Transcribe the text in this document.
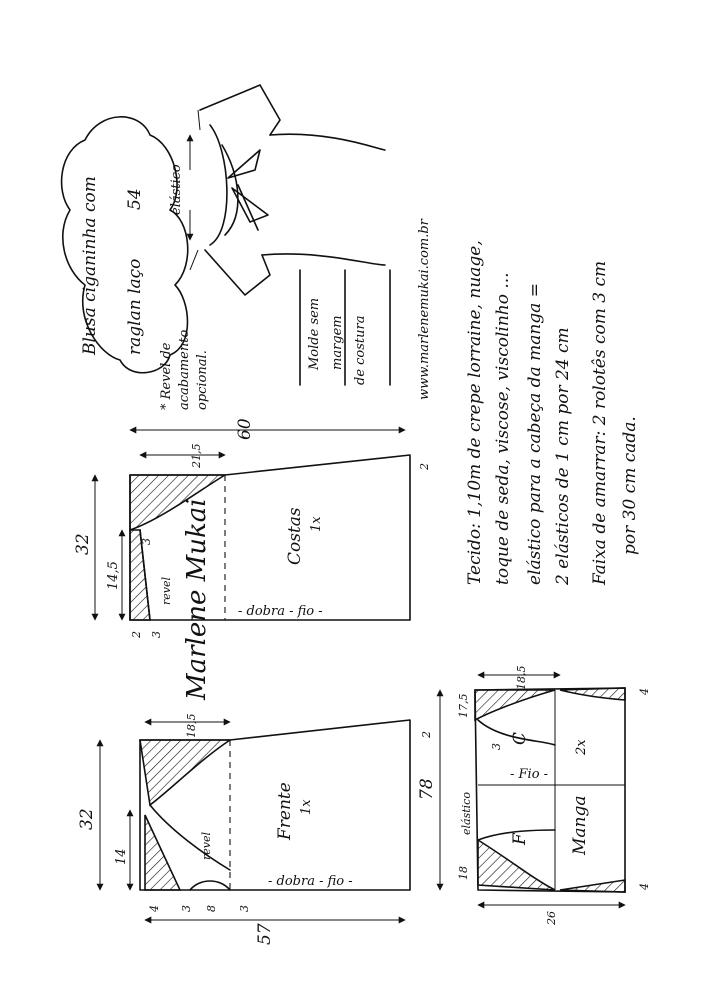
Blusa ciganinha com raglan laço
54 elástico
* Revel de acabamento opcional.
Molde sem margem de costura	www.marlenemukai.com.br Tecido: 1,10m de crepe lorraine, nuage, toque de seda, viscose, viscolinho ... elástico para a cabeça da manga = 2 elásticos de 1 cm por 24 cm Faixa de amarrar: 2 rolotês com 3 cm por 30 cm cada.
Marlene Mukai	Costas 1x
- dobra - fio -
revel
60
32
21,5
14,5
3
3
2
2
Frente 1x
- dobra - fio -
revel
57
32
18,5
14
4 3 8 3
2
Manga
2x
- Fio -
C
F
elástico
78
18,5
17,5
3
18
26
4
4
